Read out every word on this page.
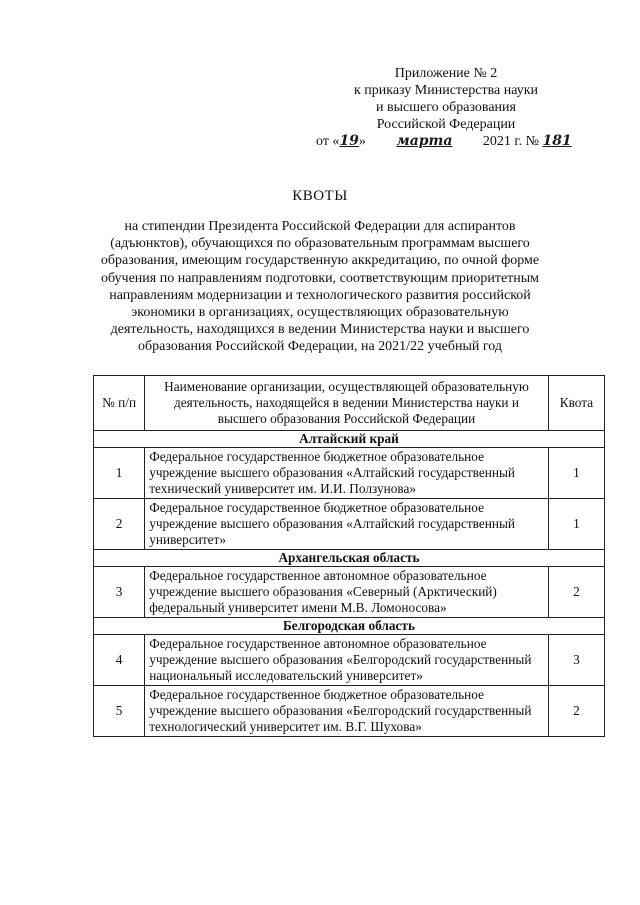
Приложение № 2
к приказу Министерства науки
и высшего образования
Российской Федерации
от «19» марта 2021 г. № 181
КВОТЫ
на стипендии Президента Российской Федерации для аспирантов (адъюнктов), обучающихся по образовательным программам высшего образования, имеющим государственную аккредитацию, по очной форме обучения по направлениям подготовки, соответствующим приоритетным направлениям модернизации и технологического развития российской экономики в организациях, осуществляющих образовательную деятельность, находящихся в ведении Министерства науки и высшего образования Российской Федерации, на 2021/22 учебный год
№ п/п	Наименование организации, осуществляющей образовательную деятельность, находящейся в ведении Министерства науки и высшего образования Российской Федерации	Квота
Алтайский край		
1	Федеральное государственное бюджетное образовательное учреждение высшего образования «Алтайский государственный технический университет им. И.И. Ползунова»	1
2	Федеральное государственное бюджетное образовательное учреждение высшего образования «Алтайский государственный университет»	1
Архангельская область		
3	Федеральное государственное автономное образовательное учреждение высшего образования «Северный (Арктический) федеральный университет имени М.В. Ломоносова»	2
Белгородская область		
4	Федеральное государственное автономное образовательное учреждение высшего образования «Белгородский государственный национальный исследовательский университет»	3
5	Федеральное государственное бюджетное образовательное учреждение высшего образования «Белгородский государственный технологический университет им. В.Г. Шухова»	2
